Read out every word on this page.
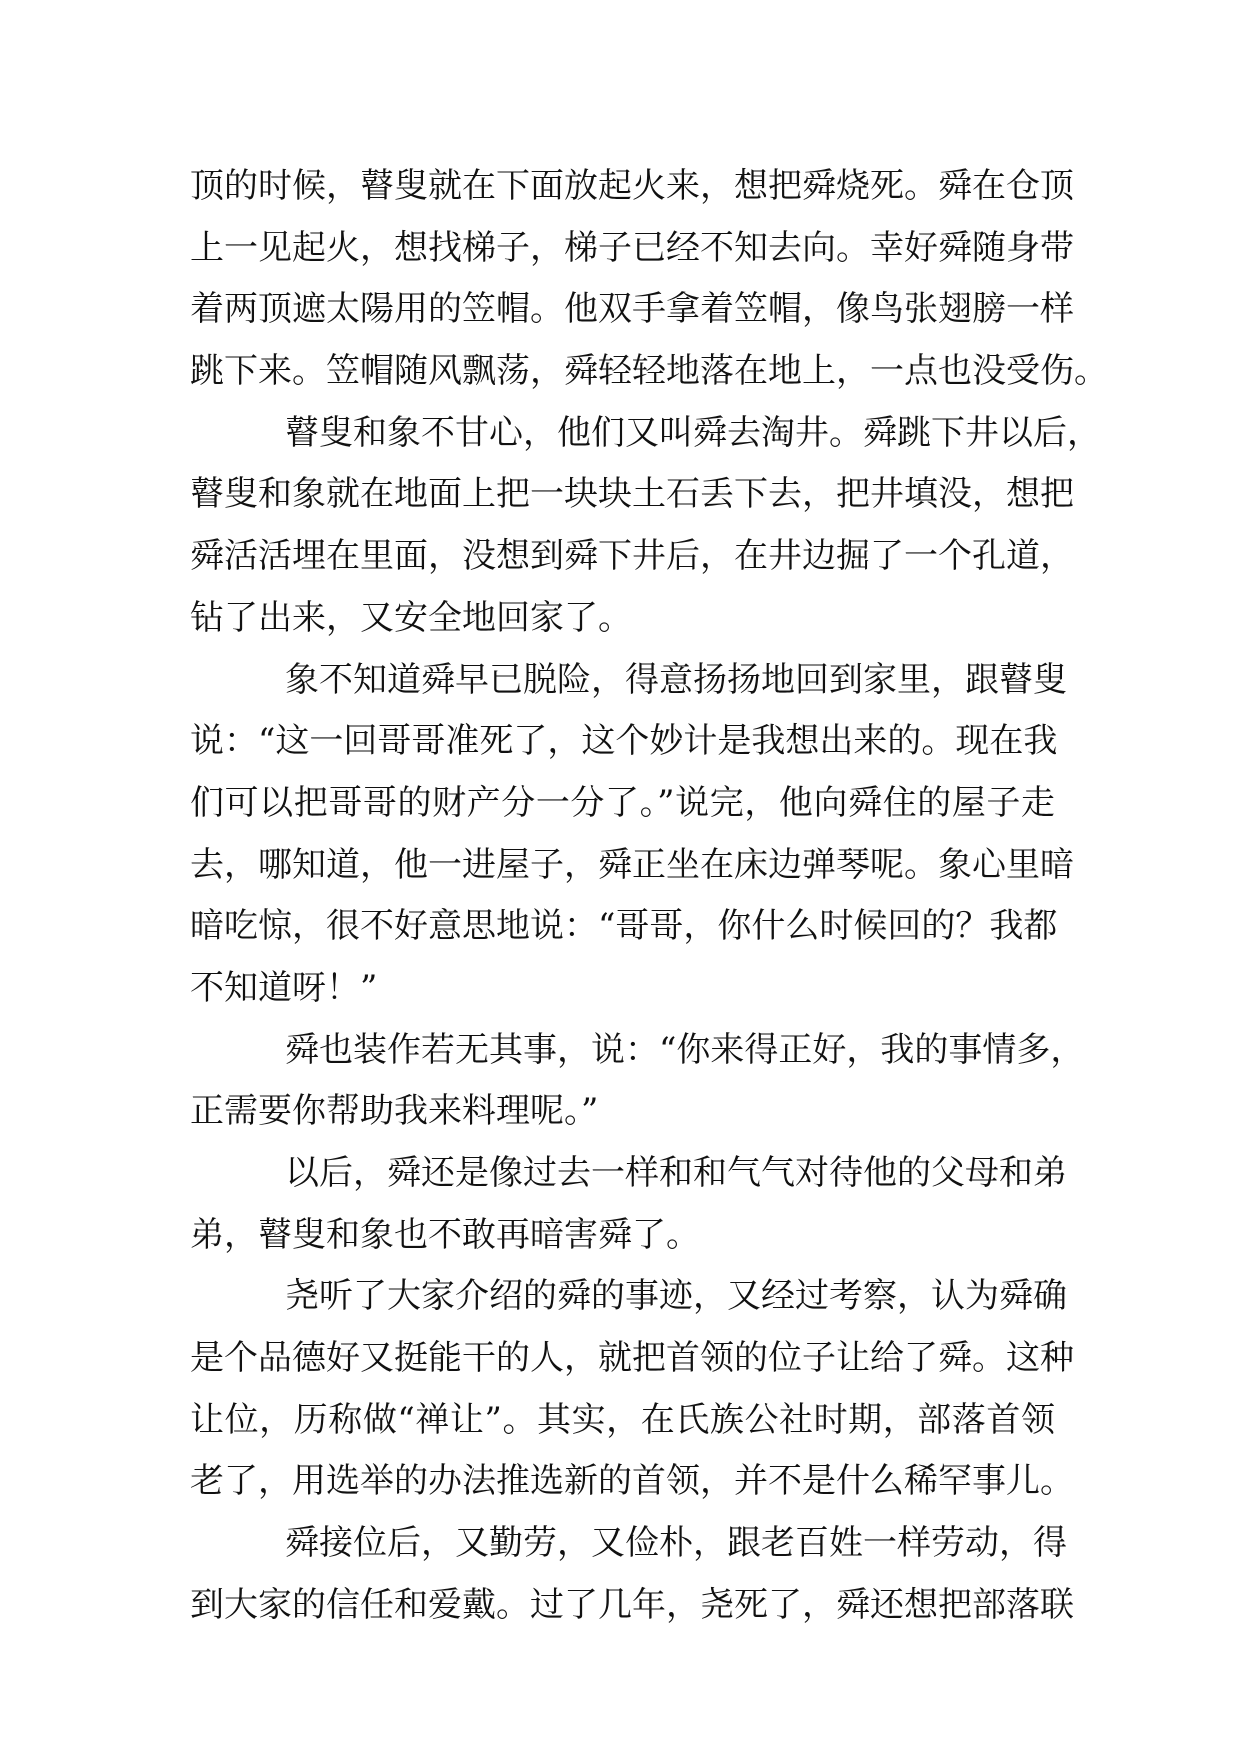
顶的时候，瞽叟就在下面放起火来，想把舜烧死。舜在仓顶
上一见起火，想找梯子，梯子已经不知去向。幸好舜随身带
着两顶遮太陽用的笠帽。他双手拿着笠帽，像鸟张翅膀一样
跳下来。笠帽随风飘荡，舜轻轻地落在地上，一点也没受伤。
瞽叟和象不甘心，他们又叫舜去淘井。舜跳下井以后，
瞽叟和象就在地面上把一块块土石丢下去，把井填没，想把
舜活活埋在里面，没想到舜下井后，在井边掘了一个孔道，
钻了出来，又安全地回家了。
象不知道舜早已脱险，得意扬扬地回到家里，跟瞽叟
说：“这一回哥哥准死了，这个妙计是我想出来的。现在我
们可以把哥哥的财产分一分了。”说完，他向舜住的屋子走
去，哪知道，他一进屋子，舜正坐在床边弹琴呢。象心里暗
暗吃惊，很不好意思地说：“哥哥，你什么时候回的？我都
不知道呀！”
舜也装作若无其事，说：“你来得正好，我的事情多，
正需要你帮助我来料理呢。”
以后，舜还是像过去一样和和气气对待他的父母和弟
弟，瞽叟和象也不敢再暗害舜了。
尧听了大家介绍的舜的事迹，又经过考察，认为舜确
是个品德好又挺能干的人，就把首领的位子让给了舜。这种
让位，历称做“禅让”。其实，在氏族公社时期，部落首领
老了，用选举的办法推选新的首领，并不是什么稀罕事儿。
舜接位后，又勤劳，又俭朴，跟老百姓一样劳动，得
到大家的信任和爱戴。过了几年，尧死了，舜还想把部落联
